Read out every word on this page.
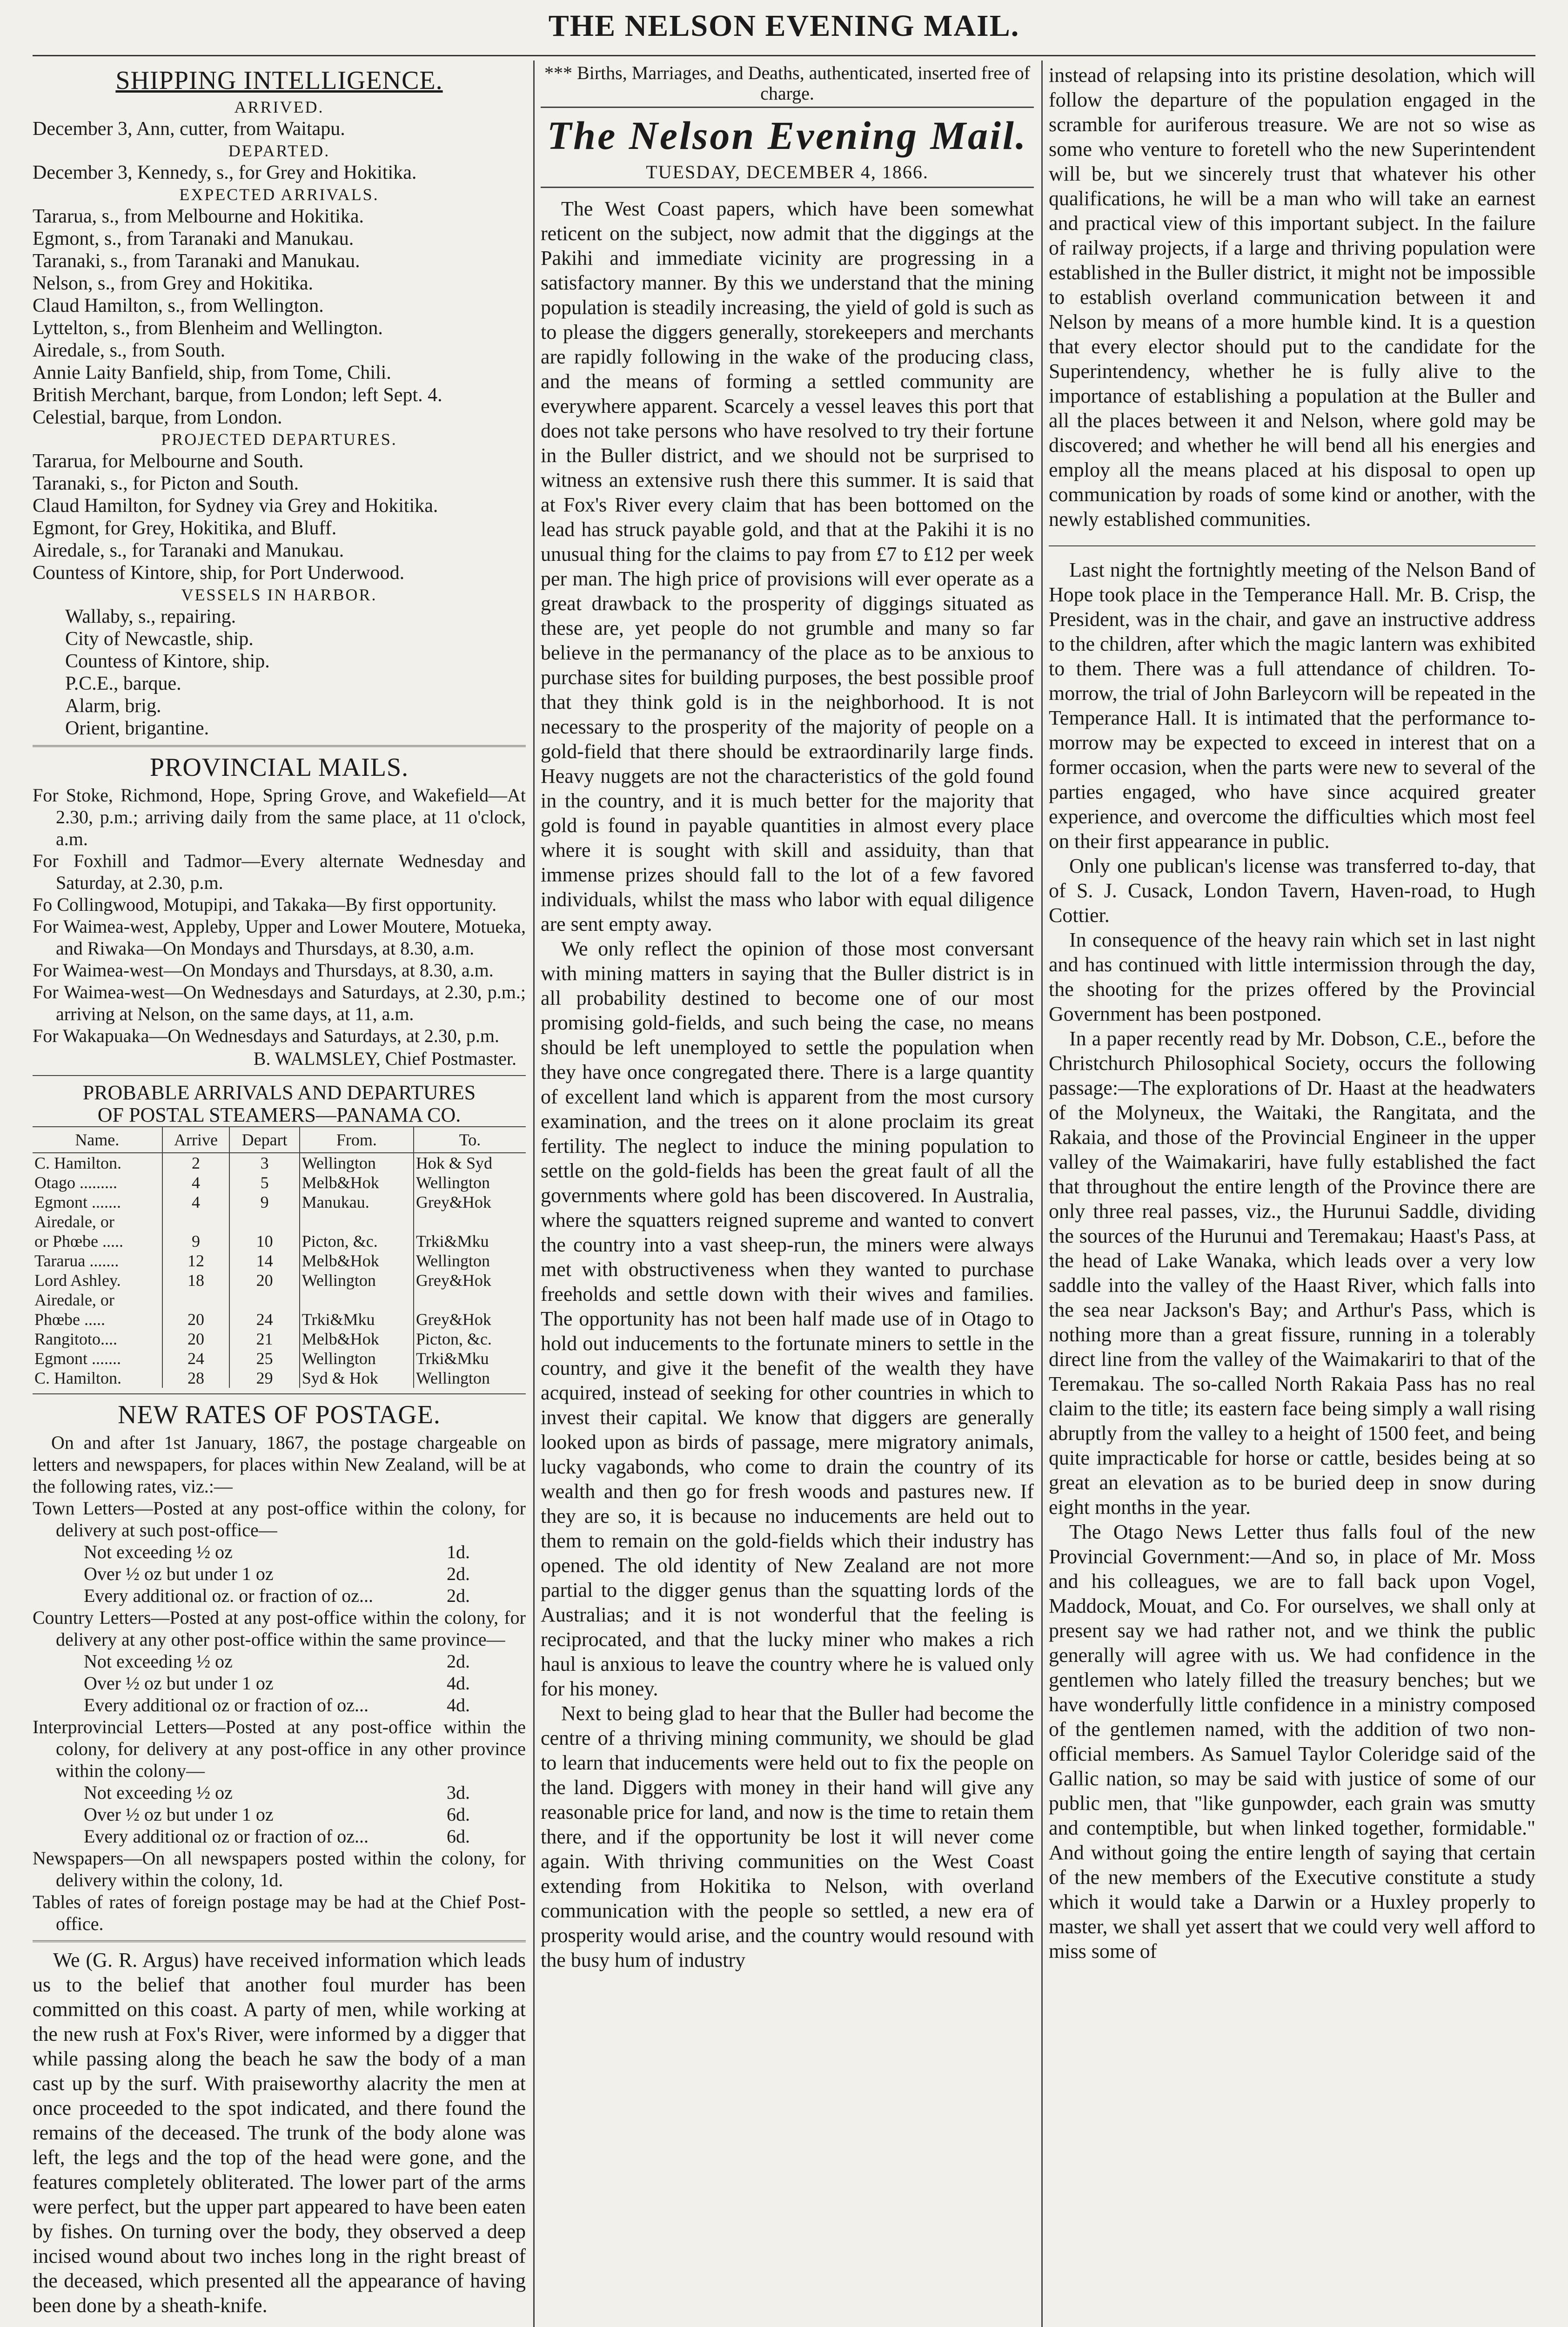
THE NELSON EVENING MAIL.
SHIPPING INTELLIGENCE.
ARRIVED.

December 3, Ann, cutter, from Waitapu.

DEPARTED.

December 3, Kennedy, s., for Grey and Hokitika.

EXPECTED ARRIVALS.

Tararua, s., from Melbourne and Hokitika.

Egmont, s., from Taranaki and Manukau.

Taranaki, s., from Taranaki and Manukau.

Nelson, s., from Grey and Hokitika.

Claud Hamilton, s., from Wellington.

Lyttelton, s., from Blenheim and Wellington.

Airedale, s., from South.

Annie Laity Banfield, ship, from Tome, Chili.

British Merchant, barque, from London; left Sept. 4.

Celestial, barque, from London.

PROJECTED DEPARTURES.

Tararua, for Melbourne and South.

Taranaki, s., for Picton and South.

Claud Hamilton, for Sydney via Grey and Hokitika.

Egmont, for Grey, Hokitika, and Bluff.

Airedale, s., for Taranaki and Manukau.

Countess of Kintore, ship, for Port Underwood.

VESSELS IN HARBOR.

Wallaby, s., repairing.

City of Newcastle, ship.

Countess of Kintore, ship.

P.C.E., barque.

Alarm, brig.

Orient, brigantine.

PROVINCIAL MAILS.

For Stoke, Richmond, Hope, Spring Grove, and Wakefield—At 2.30, p.m.; arriving daily from the same place, at 11 o'clock, a.m.

For Foxhill and Tadmor—Every alternate Wednesday and Saturday, at 2.30, p.m.

Fo Collingwood, Motupipi, and Takaka—By first opportunity.

For Waimea-west, Appleby, Upper and Lower Moutere, Motueka, and Riwaka—On Mondays and Thursdays, at 8.30, a.m.

For Waimea-west—On Mondays and Thursdays, at 8.30, a.m.

For Waimea-west—On Wednesdays and Saturdays, at 2.30, p.m.; arriving at Nelson, on the same days, at 11, a.m.

For Wakapuaka—On Wednesdays and Saturdays, at 2.30, p.m.

B. WALMSLEY, Chief Postmaster.
PROBABLE ARRIVALS AND DEPARTURES
OF POSTAL STEAMERS—PANAMA CO.
Name.	Arrive	Depart	From.	To.
C. Hamilton.	2	3	Wellington	Hok & Syd
Otago .........	4	5	Melb&Hok	Wellington
Egmont .......	4	9	Manukau.	Grey&Hok
Airedale, or				
or Phœbe .....	9	10	Picton, &c.	Trki&Mku
Tararua .......	12	14	Melb&Hok	Wellington
Lord Ashley.	18	20	Wellington	Grey&Hok
Airedale, or				
Phœbe .....	20	24	Trki&Mku	Grey&Hok
Rangitoto....	20	21	Melb&Hok	Picton, &c.
Egmont .......	24	25	Wellington	Trki&Mku
C. Hamilton.	28	29	Syd & Hok	Wellington
NEW RATES OF POSTAGE.

On and after 1st January, 1867, the postage chargeable on letters and newspapers, for places within New Zealand, will be at the following rates, viz.:—

Town Letters—Posted at any post-office within the colony, for delivery at such post-office—

Not exceeding ½ oz	1d.
Over ½ oz but under 1 oz	2d.
Every additional oz. or fraction of oz...	2d.

Country Letters—Posted at any post-office within the colony, for delivery at any other post-office within the same province—

Not exceeding ½ oz	2d.
Over ½ oz but under 1 oz	4d.
Every additional oz or fraction of oz...	4d.

Interprovincial Letters—Posted at any post-office within the colony, for delivery at any post-office in any other province within the colony—

Not exceeding ½ oz	3d.
Over ½ oz but under 1 oz	6d.
Every additional oz or fraction of oz...	6d.

Newspapers—On all newspapers posted within the colony, for delivery within the colony, 1d.

Tables of rates of foreign postage may be had at the Chief Post-office.

We (G. R. Argus) have received information which leads us to the belief that another foul murder has been committed on this coast. A party of men, while working at the new rush at Fox's River, were informed by a digger that while passing along the beach he saw the body of a man cast up by the surf. With praiseworthy alacrity the men at once proceeded to the spot indicated, and there found the remains of the deceased. The trunk of the body alone was left, the legs and the top of the head were gone, and the features completely obliterated. The lower part of the arms were perfect, but the upper part appeared to have been eaten by fishes. On turning over the body, they observed a deep incised wound about two inches long in the right breast of the deceased, which presented all the appearance of having been done by a sheath-knife.

*** Births, Marriages, and Deaths, authenticated, inserted free of charge.

The Nelson Evening Mail.

TUESDAY, DECEMBER 4, 1866.

The West Coast papers, which have been somewhat reticent on the subject, now admit that the diggings at the Pakihi and immediate vicinity are progressing in a satisfactory manner. By this we understand that the mining population is steadily increasing, the yield of gold is such as to please the diggers generally, storekeepers and merchants are rapidly following in the wake of the producing class, and the means of forming a settled community are everywhere apparent. Scarcely a vessel leaves this port that does not take persons who have resolved to try their fortune in the Buller district, and we should not be surprised to witness an extensive rush there this summer. It is said that at Fox's River every claim that has been bottomed on the lead has struck payable gold, and that at the Pakihi it is no unusual thing for the claims to pay from £7 to £12 per week per man. The high price of provisions will ever operate as a great drawback to the prosperity of diggings situated as these are, yet people do not grumble and many so far believe in the permanancy of the place as to be anxious to purchase sites for building purposes, the best possible proof that they think gold is in the neighborhood. It is not necessary to the prosperity of the majority of people on a gold-field that there should be extraordinarily large finds. Heavy nuggets are not the characteristics of the gold found in the country, and it is much better for the majority that gold is found in payable quantities in almost every place where it is sought with skill and assiduity, than that immense prizes should fall to the lot of a few favored individuals, whilst the mass who labor with equal diligence are sent empty away.

We only reflect the opinion of those most conversant with mining matters in saying that the Buller district is in all probability destined to become one of our most promising gold-fields, and such being the case, no means should be left unemployed to settle the population when they have once congregated there. There is a large quantity of excellent land which is apparent from the most cursory examination, and the trees on it alone proclaim its great fertility. The neglect to induce the mining population to settle on the gold-fields has been the great fault of all the governments where gold has been discovered. In Australia, where the squatters reigned supreme and wanted to convert the country into a vast sheep-run, the miners were always met with obstructiveness when they wanted to purchase freeholds and settle down with their wives and families. The opportunity has not been half made use of in Otago to hold out inducements to the fortunate miners to settle in the country, and give it the benefit of the wealth they have acquired, instead of seeking for other countries in which to invest their capital. We know that diggers are generally looked upon as birds of passage, mere migratory animals, lucky vagabonds, who come to drain the country of its wealth and then go for fresh woods and pastures new. If they are so, it is because no inducements are held out to them to remain on the gold-fields which their industry has opened. The old identity of New Zealand are not more partial to the digger genus than the squatting lords of the Australias; and it is not wonderful that the feeling is reciprocated, and that the lucky miner who makes a rich haul is anxious to leave the country where he is valued only for his money.

Next to being glad to hear that the Buller had become the centre of a thriving mining community, we should be glad to learn that inducements were held out to fix the people on the land. Diggers with money in their hand will give any reasonable price for land, and now is the time to retain them there, and if the opportunity be lost it will never come again. With thriving communities on the West Coast extending from Hokitika to Nelson, with overland communication with the people so settled, a new era of prosperity would arise, and the country would resound with the busy hum of industry

instead of relapsing into its pristine desolation, which will follow the departure of the population engaged in the scramble for auriferous treasure. We are not so wise as some who venture to foretell who the new Superintendent will be, but we sincerely trust that whatever his other qualifications, he will be a man who will take an earnest and practical view of this important subject. In the failure of railway projects, if a large and thriving population were established in the Buller district, it might not be impossible to establish overland communication between it and Nelson by means of a more humble kind. It is a question that every elector should put to the candidate for the Superintendency, whether he is fully alive to the importance of establishing a population at the Buller and all the places between it and Nelson, where gold may be discovered; and whether he will bend all his energies and employ all the means placed at his disposal to open up communication by roads of some kind or another, with the newly established communities.

Last night the fortnightly meeting of the Nelson Band of Hope took place in the Temperance Hall. Mr. B. Crisp, the President, was in the chair, and gave an instructive address to the children, after which the magic lantern was exhibited to them. There was a full attendance of children. To-morrow, the trial of John Barleycorn will be repeated in the Temperance Hall. It is intimated that the performance to-morrow may be expected to exceed in interest that on a former occasion, when the parts were new to several of the parties engaged, who have since acquired greater experience, and overcome the difficulties which most feel on their first appearance in public.

Only one publican's license was transferred to-day, that of S. J. Cusack, London Tavern, Haven-road, to Hugh Cottier.

In consequence of the heavy rain which set in last night and has continued with little intermission through the day, the shooting for the prizes offered by the Provincial Government has been postponed.

In a paper recently read by Mr. Dobson, C.E., before the Christchurch Philosophical Society, occurs the following passage:—The explorations of Dr. Haast at the headwaters of the Molyneux, the Waitaki, the Rangitata, and the Rakaia, and those of the Provincial Engineer in the upper valley of the Waimakariri, have fully established the fact that throughout the entire length of the Province there are only three real passes, viz., the Hurunui Saddle, dividing the sources of the Hurunui and Teremakau; Haast's Pass, at the head of Lake Wanaka, which leads over a very low saddle into the valley of the Haast River, which falls into the sea near Jackson's Bay; and Arthur's Pass, which is nothing more than a great fissure, running in a tolerably direct line from the valley of the Waimakariri to that of the Teremakau. The so-called North Rakaia Pass has no real claim to the title; its eastern face being simply a wall rising abruptly from the valley to a height of 1500 feet, and being quite impracticable for horse or cattle, besides being at so great an elevation as to be buried deep in snow during eight months in the year.

The Otago News Letter thus falls foul of the new Provincial Government:—And so, in place of Mr. Moss and his colleagues, we are to fall back upon Vogel, Maddock, Mouat, and Co. For ourselves, we shall only at present say we had rather not, and we think the public generally will agree with us. We had confidence in the gentlemen who lately filled the treasury benches; but we have wonderfully little confidence in a ministry composed of the gentlemen named, with the addition of two non-official members. As Samuel Taylor Coleridge said of the Gallic nation, so may be said with justice of some of our public men, that "like gunpowder, each grain was smutty and contemptible, but when linked together, formidable." And without going the entire length of saying that certain of the new members of the Executive constitute a study which it would take a Darwin or a Huxley properly to master, we shall yet assert that we could very well afford to miss some of
